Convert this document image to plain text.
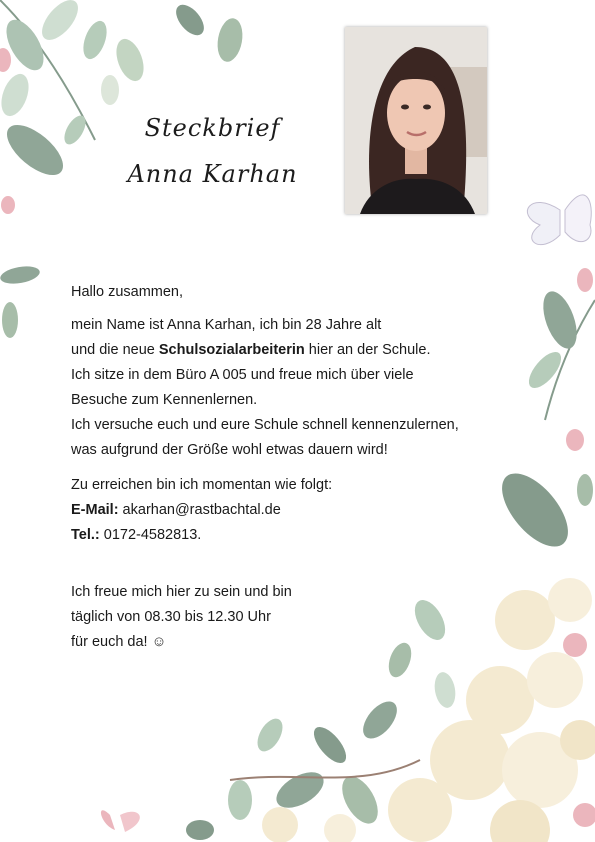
Steckbrief
Anna Karhan

Hallo zusammen,

mein Name ist Anna Karhan, ich bin 28 Jahre alt

und die neue Schulsozialarbeiterin hier an der Schule.

Ich sitze in dem Büro A 005 und freue mich über viele

Besuche zum Kennenlernen.

Ich versuche euch und eure Schule schnell kennenzulernen,

was aufgrund der Größe wohl etwas dauern wird!

Zu erreichen bin ich momentan wie folgt:

E-Mail: akarhan@rastbachtal.de

Tel.: 0172-4582813.

Ich freue mich hier zu sein und bin

täglich von 08.30 bis 12.30 Uhr

für euch da! ☺
